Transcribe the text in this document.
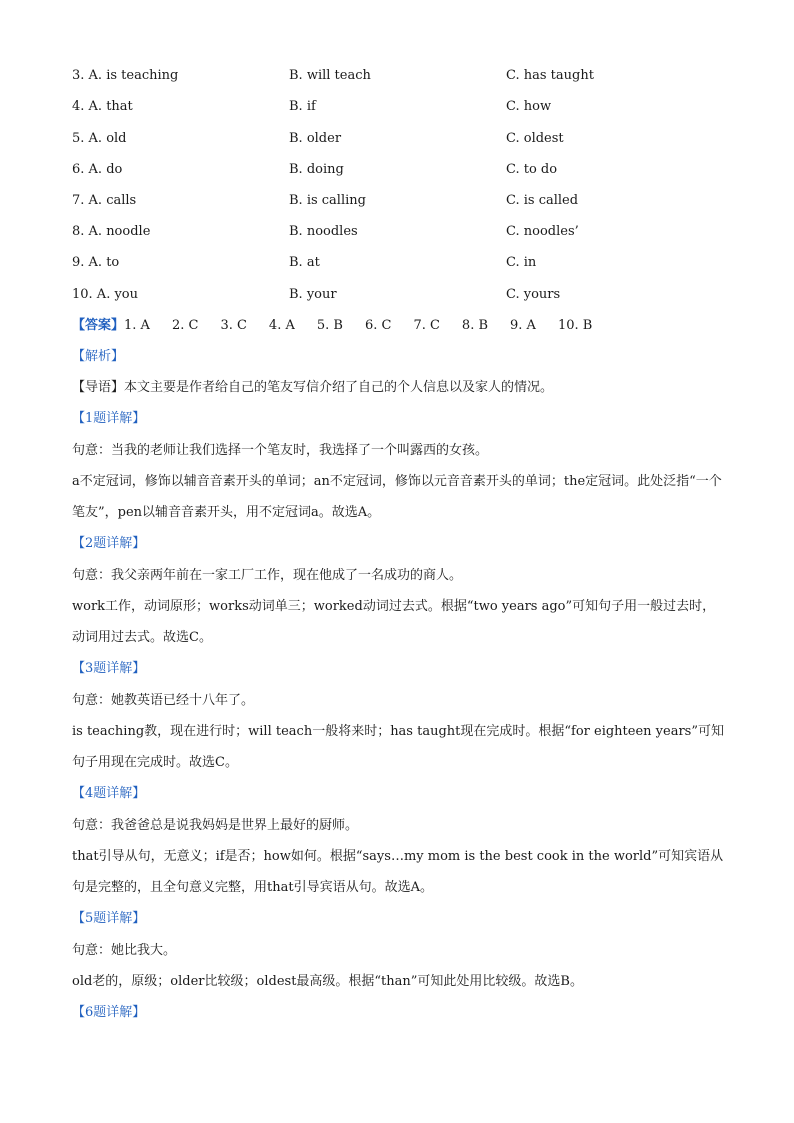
3. A. is teaching	B. will teach	C. has taught
4. A. that	B. if	C. how
5. A. old	B. older	C. oldest
6. A. do	B. doing	C. to do
7. A. calls	B. is calling	C. is called
8. A. noodle	B. noodles	C. noodles’
9. A. to	B. at	C. in
10. A. you	B. your	C. yours
【答案】1. A 2. C 3. C 4. A 5. B 6. C 7. C 8. B 9. A 10. B
【解析】
【导语】本文主要是作者给自己的笔友写信介绍了自己的个人信息以及家人的情况。
【1题详解】
句意：当我的老师让我们选择一个笔友时，我选择了一个叫露西的女孩。
a不定冠词，修饰以辅音音素开头的单词；an不定冠词，修饰以元音音素开头的单词；the定冠词。此处泛指“一个笔友”，pen以辅音音素开头，用不定冠词a。故选A。
【2题详解】
句意：我父亲两年前在一家工厂工作，现在他成了一名成功的商人。
work工作，动词原形；works动词单三；worked动词过去式。根据“two years ago”可知句子用一般过去时，动词用过去式。故选C。
【3题详解】
句意：她教英语已经十八年了。
is teaching教，现在进行时；will teach一般将来时；has taught现在完成时。根据“for eighteen years”可知句子用现在完成时。故选C。
【4题详解】
句意：我爸爸总是说我妈妈是世界上最好的厨师。
that引导从句，无意义；if是否；how如何。根据“says…my mom is the best cook in the world”可知宾语从句是完整的，且全句意义完整，用that引导宾语从句。故选A。
【5题详解】
句意：她比我大。
old老的，原级；older比较级；oldest最高级。根据“than”可知此处用比较级。故选B。
【6题详解】
